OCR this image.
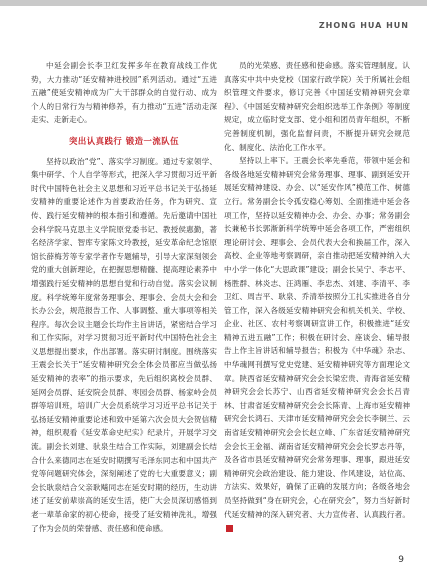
ZHONG HUA HUN

中延会副会长李卫红发挥多年在教育战线工作优势，大力推动“延安精神进校园”系列活动。通过“五进五融”使延安精神成为广大干部群众的自觉行动、成为个人的日常行为与精神修养，有力推动“五进”活动走深走实、走新走心。

突出认真践行 锻造一流队伍

坚持以政治“党”、落实学习制度。通过专家领学、集中研学、个人自学等形式，把深入学习贯彻习近平新时代中国特色社会主义思想和习近平总书记关于弘扬延安精神的重要论述作为首要政治任务，作为研究、宣传、践行延安精神的根本指引和遵循。先后邀请中国社会科学院马克思主义学院原党委书记、教授侯惠勤，著名经济学家、智库专家陈文玲教授，延安革命纪念馆原馆长薛梅芳等专家学者作专题辅导，引导大家深刻领会党的重大创新理论，在把握思想精髓、提高理论素养中增强践行延安精神的思想自觉和行动自觉。落实会议制度。科学统筹年度常务理事会、理事会、会员大会和会长办公会，规范报告工作、人事调整、重大事项等相关程序。每次会议主题会长均作主旨讲话，紧密结合学习和工作实际，对学习贯彻习近平新时代中国特色社会主义思想提出要求，作出部署。落实研讨制度。围绕落实王震会长关于“延安精神研究会全体会员都应当做弘扬延安精神的表率”的指示要求，先后组织离校会员群、延网会员群、延安院会员群、枣园会员群、杨家岭会员群等培训班，培训广大会员系统学习习近平总书记关于弘扬延安精神重要论述和致中延第六次会员大会贺信精神，组织观看《延安革命史纪实》纪录片，开展学习交流。副会长刘建、驮泉生结合工作实际，刘建副会长结合什么来德同志在延安时期撰写毛泽东同志和中国共产党等问题研究体会，深刻阐述了党的七大重要意义；副会长耿泉结合父亲耿飚同志在延安时期的经历，生动讲述了延安前辈崇高的延安生活，使广大会员深切感悟到老一辈革命家的初心使命，接受了延安精神洗礼，增强了作为会员的荣誉感、责任感和使命感。

员的光荣感、责任感和使命感。落实管理制度。认真落实中共中央党校（国家行政学院）关于所属社会组织管理文件要求，修订完善《中国延安精神研究会章程》、《中国延安精神研究会组织选举工作条例》等制度规定，成立临时党支部、党小组和团员青年组织，不断完善制度机制，强化监督问责，不断提升研究会规范化、制度化、法治化工作水平。

坚持以上率下。王震会长率先垂范，带领中延会和各级各地延安精神研究会常务理事、理事、副到延安开展延安精神建设、办会、以“延安作风”模范工作、树德立行。常务副会长令孤安稳心筹划、全面推进中延会各项工作，坚持以延安精神办会、办会、办事；常务副会长兼秘书长郭渐新科学统筹中延会各项工作，严密组织理论研讨会、理事会、会员代表大会和换届工作，深入高校、企业等地考察调研，亲自推动把延安精神纳入大中小学一体化“大思政课”建设；副会长吴宁、李志平、杨胜群、林炎志、汪鸿雁、李忠杰、刘建、李清平、李卫红、周吉平、耿泉、乔清举按照分工扎实推进各自分管工作，深入各级延安精神研究会和机关机关、学校、企业、社区、农村考察调研宣讲工作，积极推进“延安精神五进五融”工作；积极在研讨会、座谈会、辅导报告上作主旨讲话和辅导报告；积极为《中华魂》杂志、中华魂网刊撰写党史党建、延安精神研究等方面理论文章。陕西省延安精神研究会会长梁宏贵、青海省延安精神研究会会长苏宁、山西省延安精神研究会会长吕青林、甘肃省延安精神研究会会长陈青、上海市延安精神研究会长鸿石、天津市延安精神研究会会长李铜兰、云南省延安精神研究会会长赵立峰、广东省延安精神研究会会长王金福、湖南省延安精神研究会会长罗志丹等，及各省市县延安精神研究会常务理事、理事，跟进延安精神研究会政治建设、能力建设、作风建设，站位高、方法实、效果好，确保了正确的发展方向；各级各地会员坚持做到“身在研究会，心在研究会”，努力当好新时代延安精神的深入研究者、大力宣传者、认真践行者。中

9
